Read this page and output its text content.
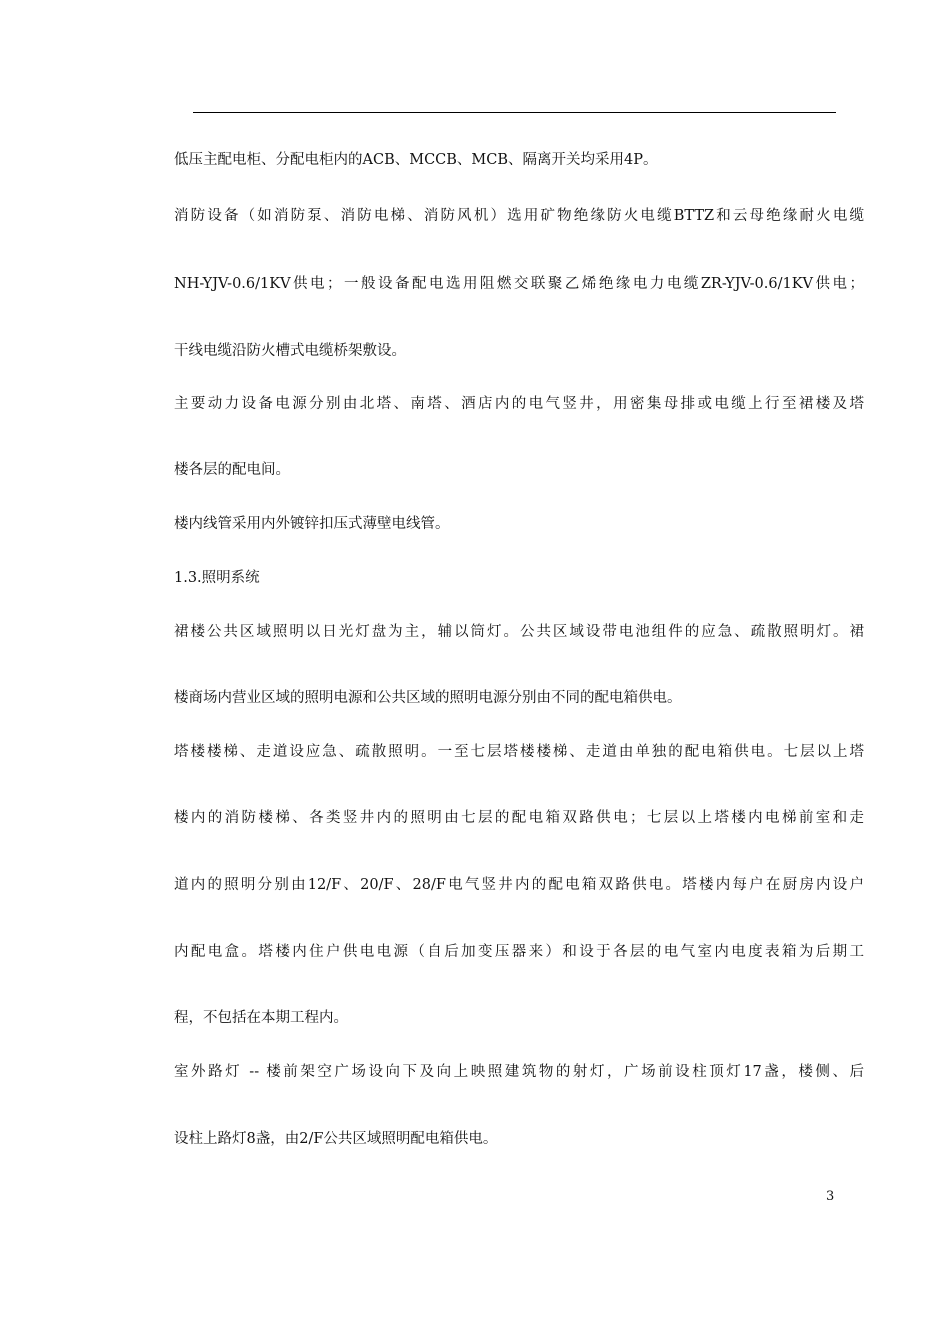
低压主配电柜、分配电柜内的ACB、MCCB、MCB、隔离开关均采用4P。
消防设备（如消防泵、消防电梯、消防风机）选用矿物绝缘防火电缆BTTZ和云母绝缘耐火电缆
NH-YJV-0.6/1KV供电；一般设备配电选用阻燃交联聚乙烯绝缘电力电缆ZR-YJV-0.6/1KV供电；
干线电缆沿防火槽式电缆桥架敷设。
主要动力设备电源分别由北塔、南塔、酒店内的电气竖井，用密集母排或电缆上行至裙楼及塔
楼各层的配电间。
楼内线管采用内外镀锌扣压式薄壁电线管。
1.3.照明系统
裙楼公共区域照明以日光灯盘为主，辅以筒灯。公共区域设带电池组件的应急、疏散照明灯。裙
楼商场内营业区域的照明电源和公共区域的照明电源分别由不同的配电箱供电。
塔楼楼梯、走道设应急、疏散照明。一至七层塔楼楼梯、走道由单独的配电箱供电。七层以上塔
楼内的消防楼梯、各类竖井内的照明由七层的配电箱双路供电；七层以上塔楼内电梯前室和走
道内的照明分别由12/F、20/F、28/F电气竖井内的配电箱双路供电。塔楼内每户在厨房内设户
内配电盒。塔楼内住户供电电源（自后加变压器来）和设于各层的电气室内电度表箱为后期工
程，不包括在本期工程内。
室外路灯 -- 楼前架空广场设向下及向上映照建筑物的射灯，广场前设柱顶灯17盏，楼侧、后
设柱上路灯8盏，由2/F公共区域照明配电箱供电。
3
